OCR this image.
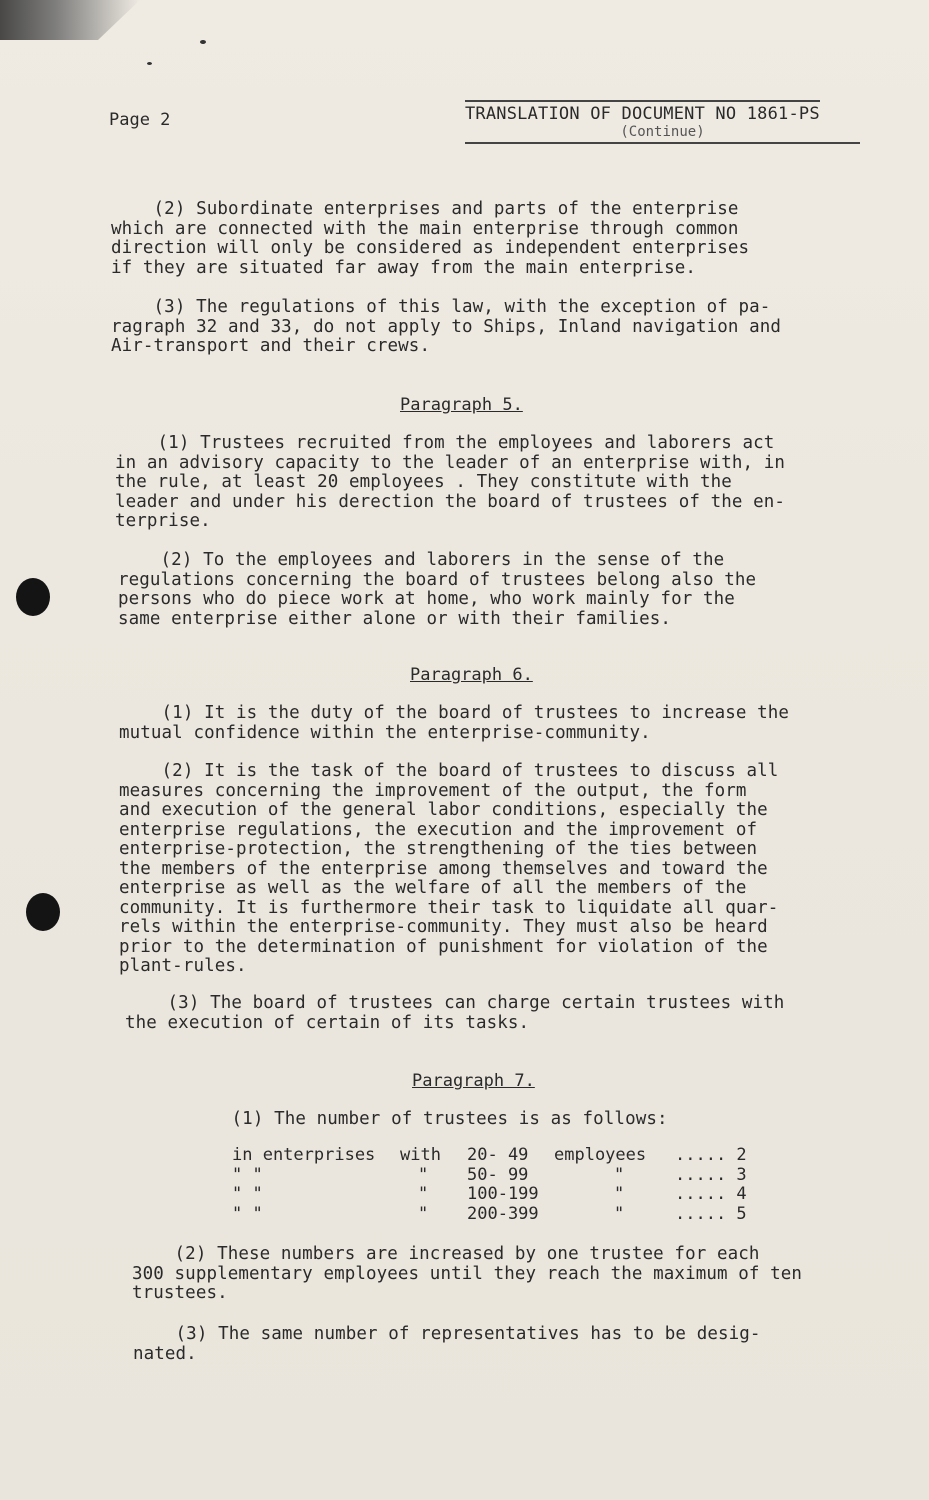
Page 2	TRANSLATION OF DOCUMENT NO 1861-PS
(Continue)
(2) Subordinate enterprises and parts of the enterprise
which are connected with the main enterprise through common
direction will only be considered as independent enterprises
if they are situated far away from the main enterprise.
(3) The regulations of this law, with the exception of pa-
ragraph 32 and 33, do not apply to Ships, Inland navigation and
Air-transport and their crews.
Paragraph 5.
(1) Trustees recruited from the employees and laborers act
in an advisory capacity to the leader of an enterprise with, in
the rule, at least 20 employees . They constitute with the
leader and under his derection the board of trustees of the en-
terprise.
(2) To the employees and laborers in the sense of the
regulations concerning the board of trustees belong also the
persons who do piece work at home, who work mainly for the
same enterprise either alone or with their families.
Paragraph 6.
(1) It is the duty of the board of trustees to increase the
mutual confidence within the enterprise-community.
(2) It is the task of the board of trustees to discuss all
measures concerning the improvement of the output, the form
and execution of the general labor conditions, especially the
enterprise regulations, the execution and the improvement of
enterprise-protection, the strengthening of the ties between
the members of the enterprise among themselves and toward the
enterprise as well as the welfare of all the members of the
community. It is furthermore their task to liquidate all quar-
rels within the enterprise-community. They must also be heard
prior to the determination of punishment for violation of the
plant-rules.
(3) The board of trustees can charge certain trustees with
the execution of certain of its tasks.
Paragraph 7.
(1) The number of trustees is as follows:
in enterprises with 20- 49 employees ..... 2
" "	" 50- 99	"	..... 3
" "	" 100-199	"	..... 4
" "	" 200-399	"	..... 5
(2) These numbers are increased by one trustee for each
300 supplementary employees until they reach the maximum of ten
trustees.
(3) The same number of representatives has to be desig-
nated.
